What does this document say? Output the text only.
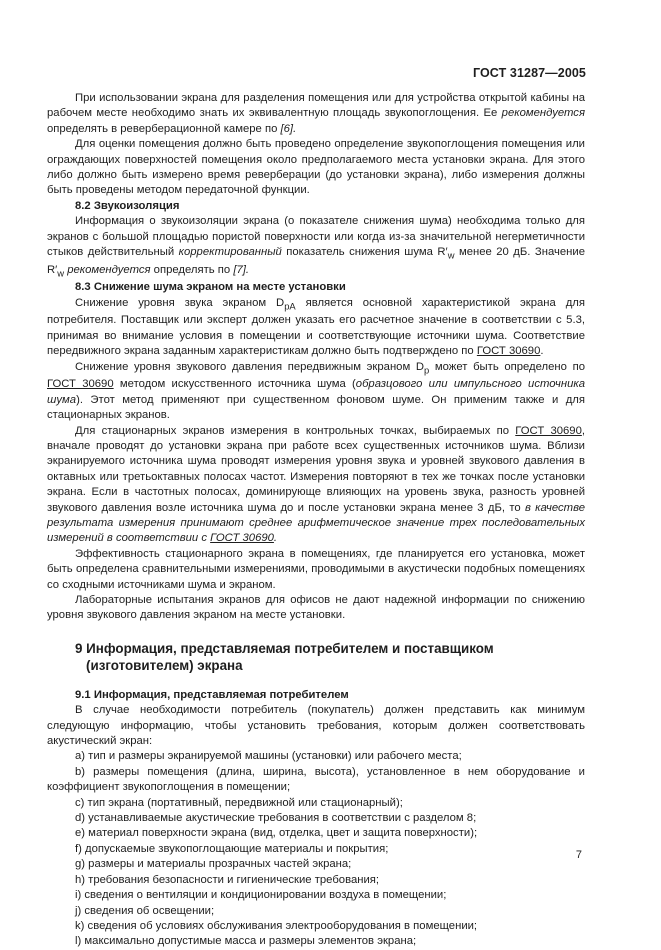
ГОСТ 31287—2005

При использовании экрана для разделения помещения или для устройства открытой кабины на рабочем месте необходимо знать их эквивалентную площадь звукопоглощения. Ее рекомендуется определять в реверберационной камере по [6].

Для оценки помещения должно быть проведено определение звукопоглощения помещения или ограждающих поверхностей помещения около предполагаемого места установки экрана. Для этого либо должно быть измерено время реверберации (до установки экрана), либо измерения должны быть проведены методом передаточной функции.

8.2 Звукоизоляция

Информация о звукоизоляции экрана (о показателе снижения шума) необходима только для экранов с большой площадью пористой поверхности или когда из-за значительной негерметичности стыков действительный корректированный показатель снижения шума $R'_w$ менее 20 дБ. Значение $R'_w$ рекомендуется определять по [7].

8.3 Снижение шума экраном на месте установки

Снижение уровня звука экраном $D_{pA}$ является основной характеристикой экрана для потребителя. Поставщик или эксперт должен указать его расчетное значение в соответствии с 5.3, принимая во внимание условия в помещении и соответствующие источники шума. Соответствие передвижного экрана заданным характеристикам должно быть подтверждено по ГОСТ 30690.

Снижение уровня звукового давления передвижным экраном $D_p$ может быть определено по ГОСТ 30690 методом искусственного источника шума (образцового или импульсного источника шума). Этот метод применяют при существенном фоновом шуме. Он применим также и для стационарных экранов.

Для стационарных экранов измерения в контрольных точках, выбираемых по ГОСТ 30690, вначале проводят до установки экрана при работе всех существенных источников шума. Вблизи экранируемого источника шума проводят измерения уровня звука и уровней звукового давления в октавных или третьоктавных полосах частот. Измерения повторяют в тех же точках после установки экрана. Если в частотных полосах, доминирующе влияющих на уровень звука, разность уровней звукового давления возле источника шума до и после установки экрана менее 3 дБ, то в качестве результата измерения принимают среднее арифметическое значение трех последовательных измерений в соответствии с ГОСТ 30690.

Эффективность стационарного экрана в помещениях, где планируется его установка, может быть определена сравнительными измерениями, проводимыми в акустически подобных помещениях со сходными источниками шума и экраном.

Лабораторные испытания экранов для офисов не дают надежной информации по снижению уровня звукового давления экраном на месте установки.

9 Информация, представляемая потребителем и поставщиком
(изготовителем) экрана

9.1 Информация, представляемая потребителем

В случае необходимости потребитель (покупатель) должен представить как минимум следующую информацию, чтобы установить требования, которым должен соответствовать акустический экран:

а) тип и размеры экранируемой машины (установки) или рабочего места;

b) размеры помещения (длина, ширина, высота), установленное в нем оборудование и коэффициент звукопоглощения в помещении;

с) тип экрана (портативный, передвижной или стационарный);

d) устанавливаемые акустические требования в соответствии с разделом 8;

е) материал поверхности экрана (вид, отделка, цвет и защита поверхности);

f) допускаемые звукопоглощающие материалы и покрытия;

g) размеры и материалы прозрачных частей экрана;

h) требования безопасности и гигиенические требования;

i) сведения о вентиляции и кондиционировании воздуха в помещении;

j) сведения об освещении;

k) сведения об условиях обслуживания электрооборудования в помещении;

l) максимально допустимые масса и размеры элементов экрана;

7
